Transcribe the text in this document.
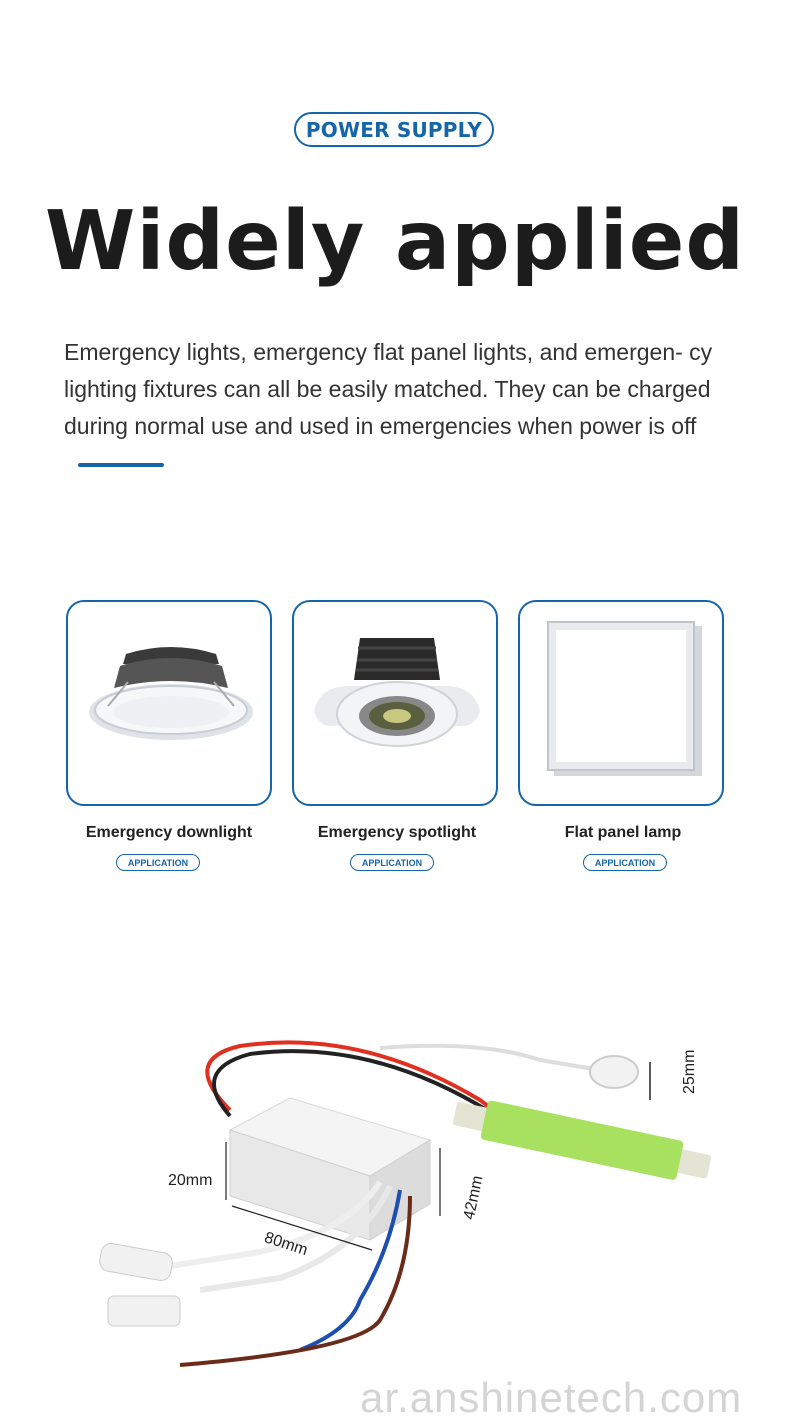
POWER SUPPLY
Widely applied
Emergency lights, emergency flat panel lights, and emergen- cy lighting fixtures can all be easily matched. They can be charged during normal use and used in emergencies when power is off
Emergency downlight
APPLICATION
Emergency spotlight
APPLICATION
Flat panel lamp
APPLICATION
20mm
80mm
42mm
25mm
ar.anshinetech.com
